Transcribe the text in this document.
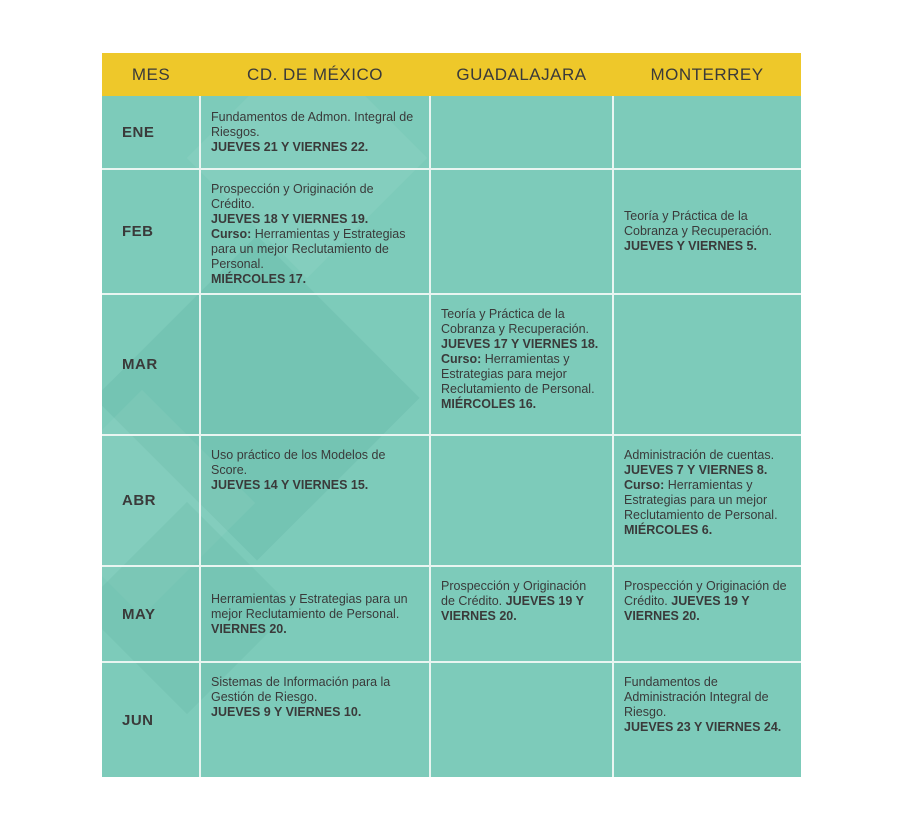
MES	CD. DE MÉXICO	GUADALAJARA	MONTERREY
ENE	Fundamentos de Admon. Integral de Riesgos.
JUEVES 21 Y VIERNES 22.		
FEB	Prospección y Originación de Crédito.
JUEVES 18 Y VIERNES 19.
Curso: Herramientas y Estrategias para un mejor Reclutamiento de Personal.
MIÉRCOLES 17.		Teoría y Práctica de la Cobranza y Recuperación.
JUEVES Y VIERNES 5.
MAR		Teoría y Práctica de la Cobranza y Recuperación.
JUEVES 17 Y VIERNES 18.
Curso: Herramientas y Estrategias para mejor Reclutamiento de Personal.
MIÉRCOLES 16.	
ABR	Uso práctico de los Modelos de Score.
JUEVES 14 Y VIERNES 15.		Administración de cuentas.
JUEVES 7 Y VIERNES 8.
Curso: Herramientas y Estrategias para un mejor Reclutamiento de Personal.
MIÉRCOLES 6.
MAY	Herramientas y Estrategias para un mejor Reclutamiento de Personal.
VIERNES 20.	Prospección y Originación de Crédito. JUEVES 19 Y VIERNES 20.	Prospección y Originación de Crédito. JUEVES 19 Y VIERNES 20.
JUN	Sistemas de Información para la Gestión de Riesgo.
JUEVES 9 Y VIERNES 10.		Fundamentos de Administración Integral de Riesgo.
JUEVES 23 Y VIERNES 24.
